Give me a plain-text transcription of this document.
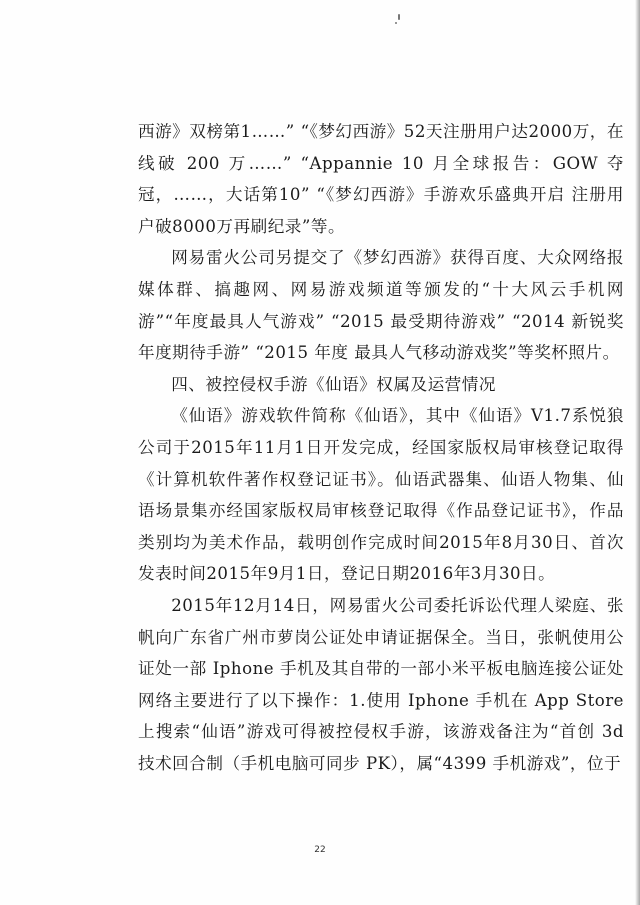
西游》双榜第1……” “《梦幻西游》52天注册用户达2000万，在线破 200 万……” “Appannie 10 月全球报告：GOW 夺冠，……，大话第10” “《梦幻西游》手游欢乐盛典开启 注册用户破8000万再刷纪录”等。

网易雷火公司另提交了《梦幻西游》获得百度、大众网络报媒体群、搞趣网、网易游戏频道等颁发的“十大风云手机网游”“年度最具人气游戏” “2015 最受期待游戏” “2014 新锐奖年度期待手游” “2015 年度 最具人气移动游戏奖”等奖杯照片。

四、被控侵权手游《仙语》权属及运营情况

《仙语》游戏软件简称《仙语》，其中《仙语》V1.7系悦狼公司于2015年11月1日开发完成，经国家版权局审核登记取得《计算机软件著作权登记证书》。仙语武器集、仙语人物集、仙语场景集亦经国家版权局审核登记取得《作品登记证书》，作品类别均为美术作品，载明创作完成时间2015年8月30日、首次发表时间2015年9月1日，登记日期2016年3月30日。

2015年12月14日，网易雷火公司委托诉讼代理人梁庭、张帆向广东省广州市萝岗公证处申请证据保全。当日，张帆使用公证处一部 Iphone 手机及其自带的一部小米平板电脑连接公证处网络主要进行了以下操作：1.使用 Iphone 手机在 App Store 上搜索“仙语”游戏可得被控侵权手游，该游戏备注为“首创 3d 技术回合制（手机电脑可同步 PK），属“4399 手机游戏”，位于

22
